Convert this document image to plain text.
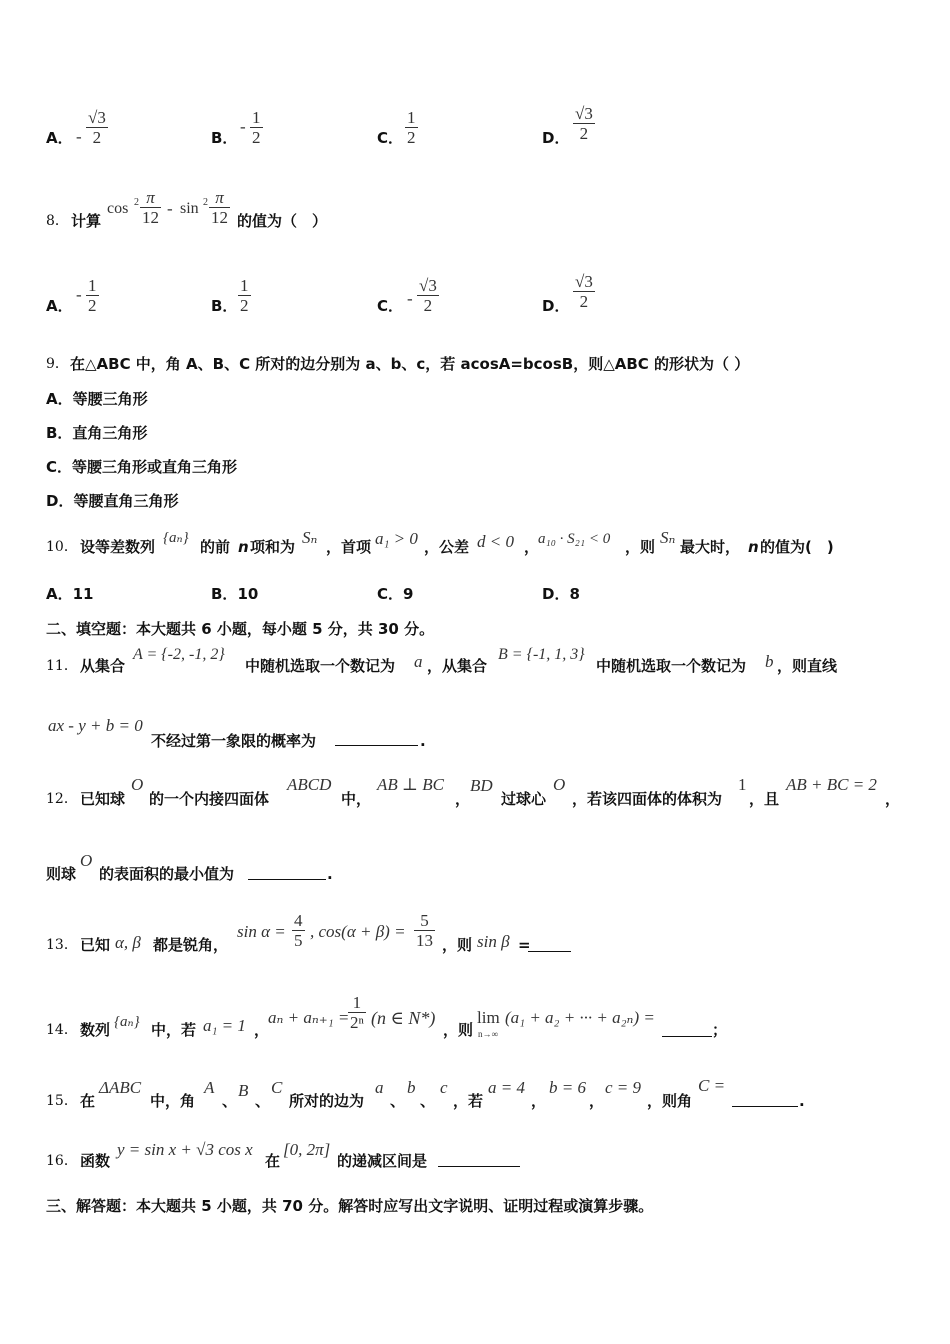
A． - $\frac{√3}{2}$	B．
- $\frac{1}{2}$	C． $\frac{1}{2}$	D． $\frac{√3}{2}$
8． 计算
$\cos 2 \frac{\pi}{12}$ - $\sin 2 \frac{\pi}{12}$ 的值为（　）
A．
- $\frac{1}{2}$	B． $\frac{1}{2}$	C． - $\frac{√3}{2}$	D． $\frac{√3}{2}$
9． 在△ABC 中，角 A、B、C 所对的边分别为 a、b、c，若 acosA=bcosB，则△ABC 的形状为（ ）
A．等腰三角形
B．直角三角形
C．等腰三角形或直角三角形
D．等腰直角三角形
10． 设等差数列 {aₙ} 的前 n 项和为 Sₙ ，首项 a₁ > 0 ，公差 d < 0 ，
a₁₀ · S₂₁ < 0 ，则 Sₙ 最大时， n 的值为(　)
A．11	B．10	C．9	D．8
二、填空题：本大题共 6 小题，每小题 5 分，共 30 分。
11． 从集合
A = {-2, -1, 2}
中随机选取一个数记为 a ，从集合
B = {-1, 1, 3}
中随机选取一个数记为 b ，则直线
ax - y + b = 0
不经过第一象限的概率为	.
12． 已知球
O
的一个内接四面体
ABCD
中，
AB ⊥ BC
，
BD
过球心
O
，若该四面体的体积为
1
，且
AB + BC = 2
，
则球
O
的表面积的最小值为	.
13． 已知 α, β 都是锐角，
$\sin \alpha = \frac{4}{5}$ , $\cos(\alpha + \beta) = \frac{5}{13}$ ，则 sin β =
14． 数列 {aₙ} 中，若 a₁ = 1 ，
aₙ + aₙ₊₁ =
$\frac{1}{\text{2ⁿ}} (n$ ∈ N*)
，则
lim
n→∞
(a₁ + a₂ + ··· + a₂ₙ) =
；
15． 在
ΔABC
中，角
A
、
B
、
C
所对的边为
a
、
b
、
c
，若
a = 4
，
b = 6
，
c = 9
，则角
C =
.
16． 函数
y = sin x + √3 cos x
在
[0, 2π]
的递减区间是
三、解答题：本大题共 5 小题，共 70 分。解答时应写出文字说明、证明过程或演算步骤。
